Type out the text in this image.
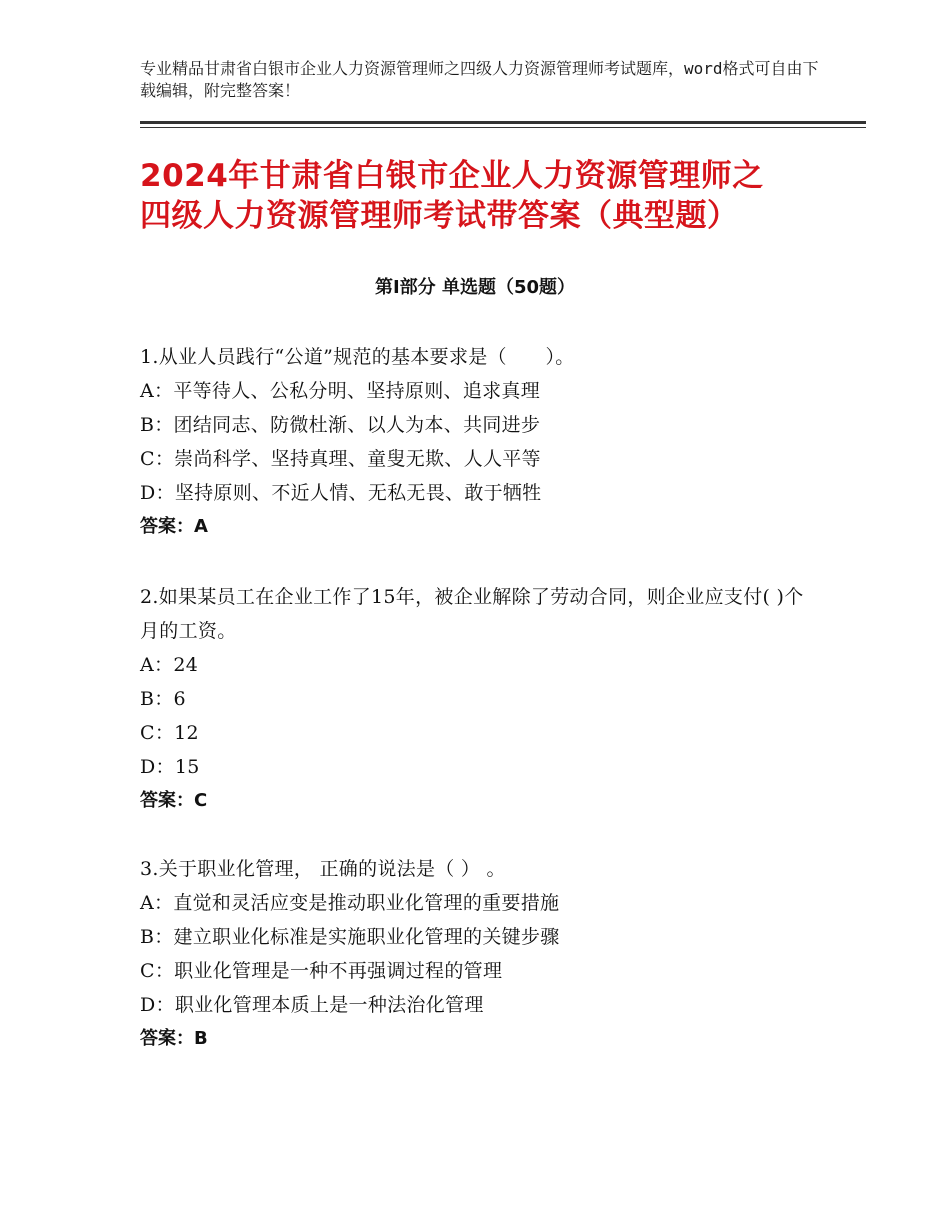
专业精品甘肃省白银市企业人力资源管理师之四级人力资源管理师考试题库，word格式可自由下载编辑，附完整答案！
2024年甘肃省白银市企业人力资源管理师之
四级人力资源管理师考试带答案（典型题）
第Ⅰ部分 单选题（50题）
1.从业人员践行“公道”规范的基本要求是（　　）。
A：平等待人、公私分明、坚持原则、追求真理
B：团结同志、防微杜渐、以人为本、共同进步
C：崇尚科学、坚持真理、童叟无欺、人人平等
D：坚持原则、不近人情、无私无畏、敢于牺牲
答案：A
2.如果某员工在企业工作了15年，被企业解除了劳动合同，则企业应支付( )个月的工资。
A：24
B：6
C：12
D：15
答案：C
3.关于职业化管理， 正确的说法是（ ） 。
A：直觉和灵活应变是推动职业化管理的重要措施
B：建立职业化标准是实施职业化管理的关键步骤
C：职业化管理是一种不再强调过程的管理
D：职业化管理本质上是一种法治化管理
答案：B
